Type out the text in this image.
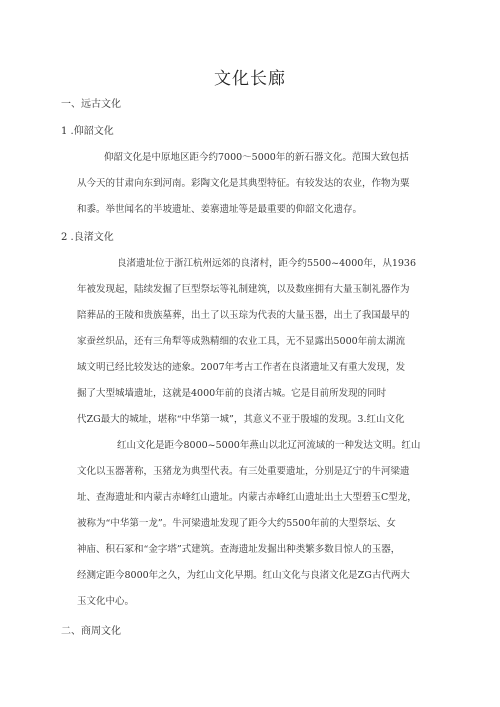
文化长廊
一、远古文化
1 .仰韶文化
仰韶文化是中原地区距今约7000～5000年的新石器文化。范围大致包括
从今天的甘肃向东到河南。彩陶文化是其典型特征。有较发达的农业，作物为粟
和黍。举世闻名的半坡遗址、姜寨遗址等是最重要的仰韶文化遗存。
2 .良渚文化
良渚遗址位于浙江杭州远郊的良渚村，距今约5500~4000年，从1936
年被发现起，陆续发掘了巨型祭坛等礼制建筑，以及数座拥有大量玉制礼器作为
陪葬品的王陵和贵族墓葬，出土了以玉琮为代表的大量玉器，出土了我国最早的
家蚕丝织品，还有三角犁等成熟精细的农业工具，无不显露出5000年前太湖流
域文明已经比较发达的迹象。2007年考古工作者在良渚遗址又有重大发现，发
掘了大型城墙遗址，这就是4000年前的良渚古城。它是目前所发现的同时
代ZG最大的城址，堪称“中华第一城”，其意义不亚于殷墟的发现。3.红山文化
红山文化是距今8000~5000年燕山以北辽河流域的一种发达文明。红山
文化以玉器著称，玉猪龙为典型代表。有三处重要遗址，分别是辽宁的牛河梁遗
址、查海遗址和内蒙古赤峰红山遗址。内蒙古赤峰红山遗址出土大型碧玉C型龙，
被称为“中华第一龙”。牛河梁遗址发现了距今大约5500年前的大型祭坛、女
神庙、积石冢和“金字塔”式建筑。查海遗址发掘出种类繁多数目惊人的玉器，
经测定距今8000年之久，为红山文化早期。红山文化与良渚文化是ZG古代两大
玉文化中心。
二、商周文化
